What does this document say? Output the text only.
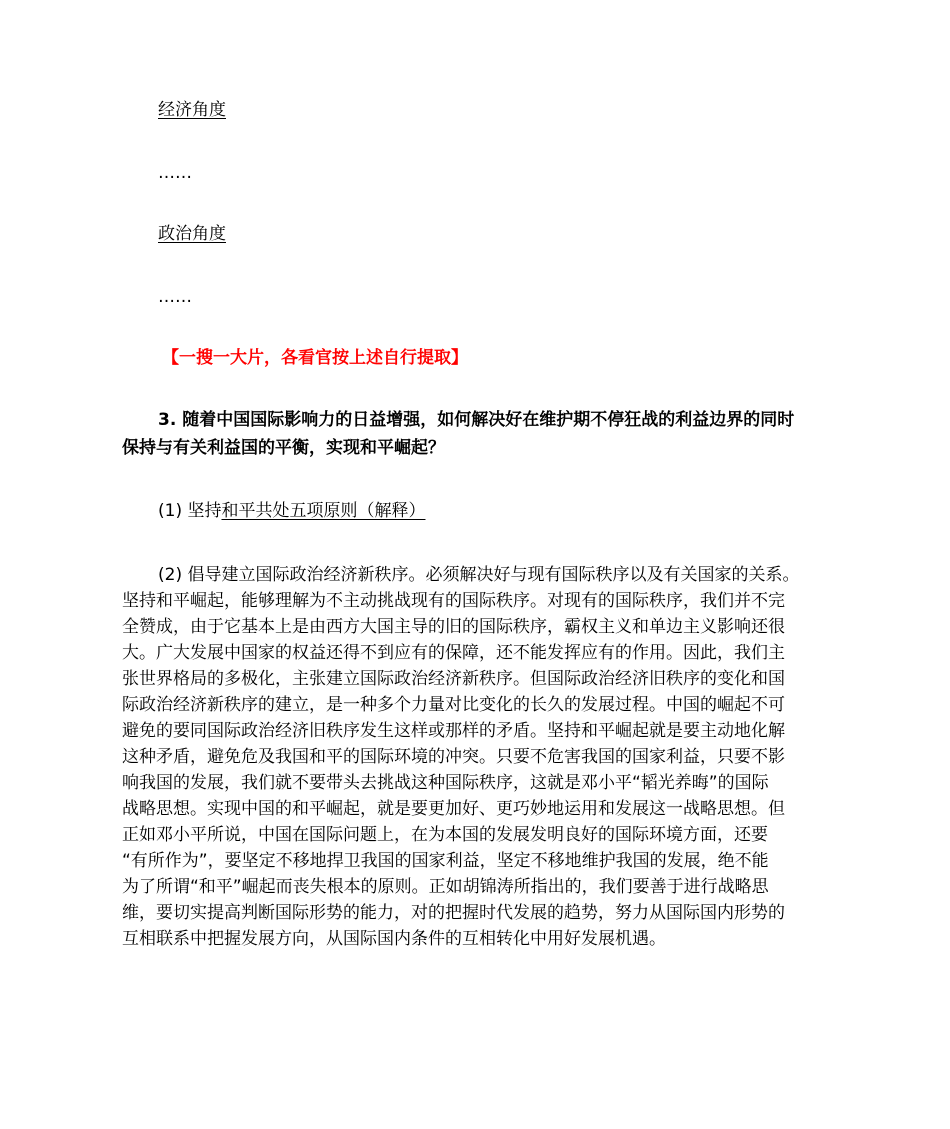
经济角度
……
政治角度
……
【一搜一大片，各看官按上述自行提取】
3. 随着中国国际影响力的日益增强，如何解决好在维护期不停狂战的利益边界的同时
保持与有关利益国的平衡，实现和平崛起？
(1) 坚持和平共处五项原则（解释）
(2) 倡导建立国际政治经济新秩序。必须解决好与现有国际秩序以及有关国家的关系。
坚持和平崛起，能够理解为不主动挑战现有的国际秩序。对现有的国际秩序，我们并不完
全赞成，由于它基本上是由西方大国主导的旧的国际秩序，霸权主义和单边主义影响还很
大。广大发展中国家的权益还得不到应有的保障，还不能发挥应有的作用。因此，我们主
张世界格局的多极化，主张建立国际政治经济新秩序。但国际政治经济旧秩序的变化和国
际政治经济新秩序的建立，是一种多个力量对比变化的长久的发展过程。中国的崛起不可
避免的要同国际政治经济旧秩序发生这样或那样的矛盾。坚持和平崛起就是要主动地化解
这种矛盾，避免危及我国和平的国际环境的冲突。只要不危害我国的国家利益，只要不影
响我国的发展，我们就不要带头去挑战这种国际秩序，这就是邓小平“韬光养晦”的国际
战略思想。实现中国的和平崛起，就是要更加好、更巧妙地运用和发展这一战略思想。但
正如邓小平所说，中国在国际问题上，在为本国的发展发明良好的国际环境方面，还要
“有所作为”，要坚定不移地捍卫我国的国家利益，坚定不移地维护我国的发展，绝不能
为了所谓“和平”崛起而丧失根本的原则。正如胡锦涛所指出的，我们要善于进行战略思
维，要切实提高判断国际形势的能力，对的把握时代发展的趋势，努力从国际国内形势的
互相联系中把握发展方向，从国际国内条件的互相转化中用好发展机遇。
